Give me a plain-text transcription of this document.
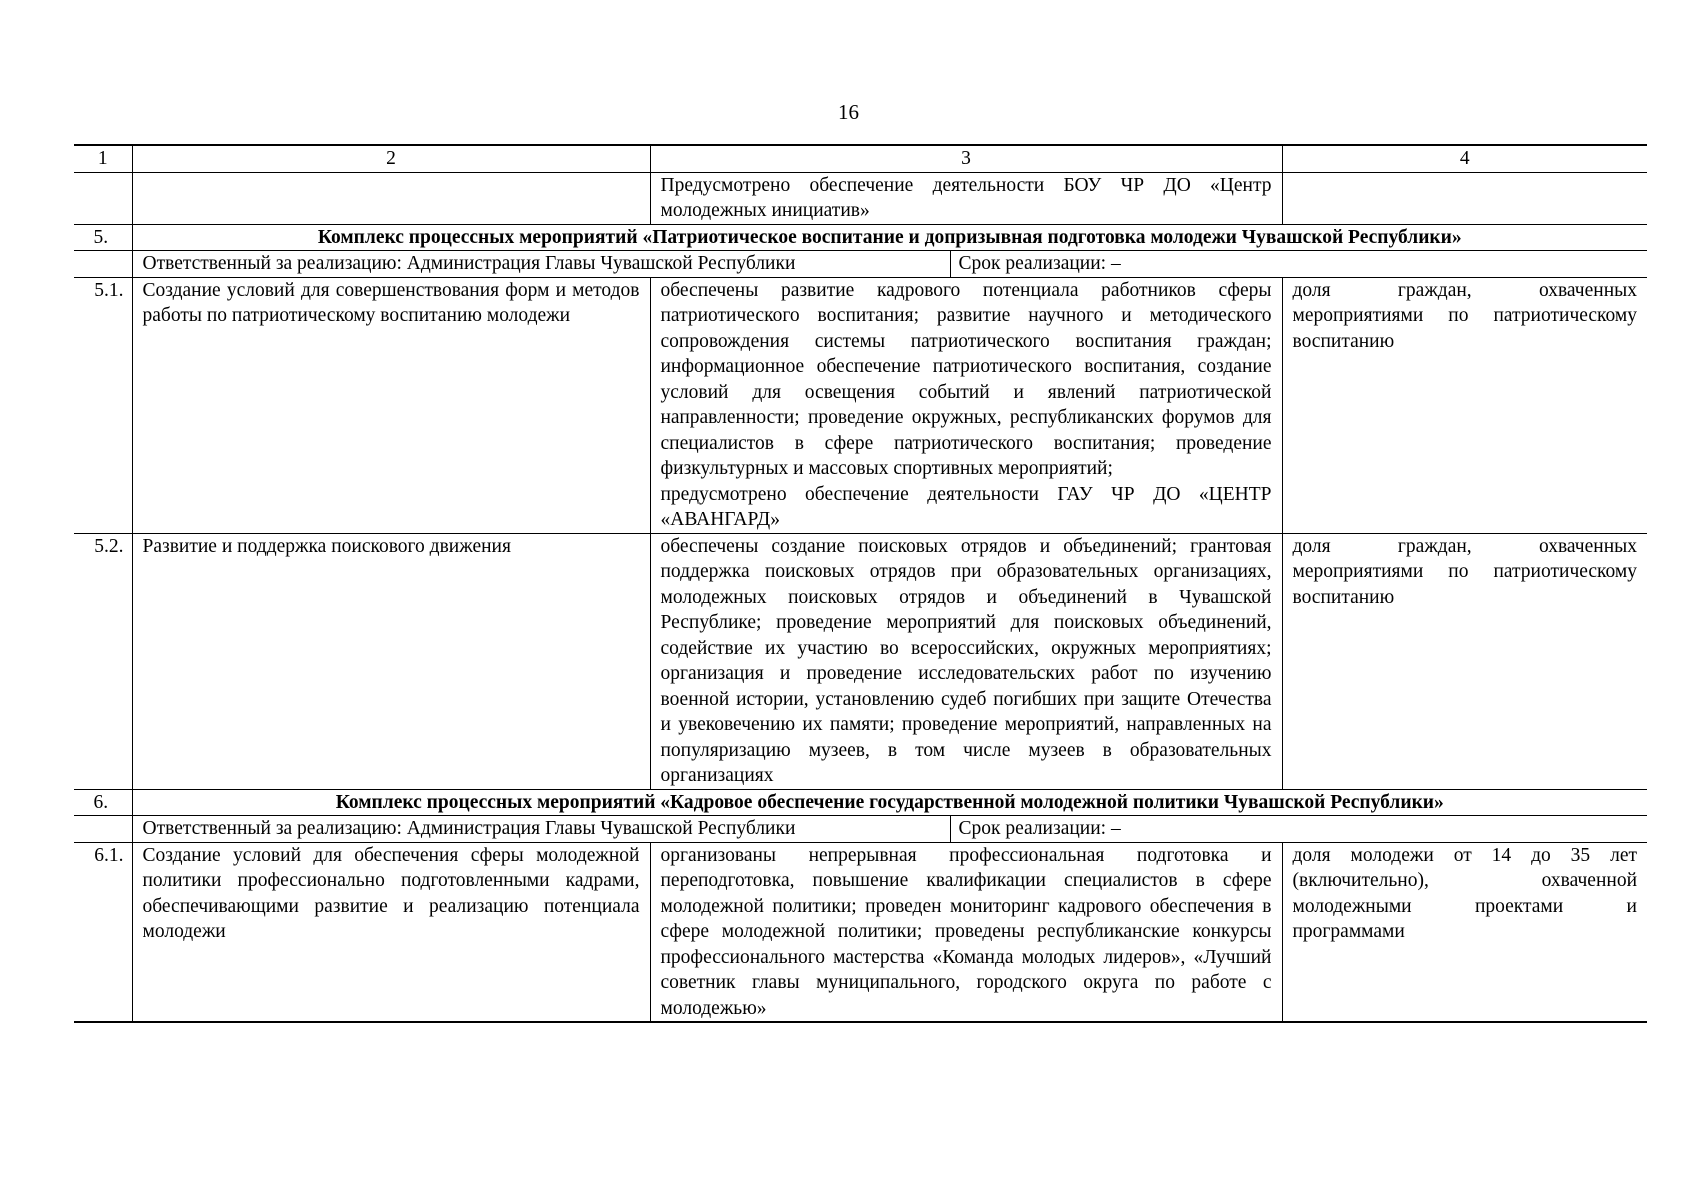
16
1	2	3	4
		Предусмотрено обеспечение деятельности БОУ ЧР ДО «Центр молодежных инициатив»	
5.	Комплекс процессных мероприятий «Патриотическое воспитание и допризывная подготовка молодежи Чувашской Республики»		

	Ответственный за реализацию: Администрация Главы Чувашской Республики Срок реализации: –		

5.1.	Создание условий для совершенствования форм и методов работы по патриотическому воспитанию молодежи	обеспечены развитие кадрового потенциала работников сферы патриотического воспитания; развитие научного и методического сопровождения системы патриотического воспитания граждан; информационное обеспечение патриотического воспитания, создание условий для освещения событий и явлений патриотической направленности; проведение окружных, республиканских форумов для специалистов в сфере патриотического воспитания; проведение физкультурных и массовых спортивных мероприятий;
предусмотрено обеспечение деятельности ГАУ ЧР ДО «ЦЕНТР «АВАНГАРД»	доля граждан, охваченных мероприятиями по патриотическому воспитанию
5.2.	Развитие и поддержка поискового движения	обеспечены создание поисковых отрядов и объединений; грантовая поддержка поисковых отрядов при образовательных организациях, молодежных поисковых отрядов и объединений в Чувашской Республике; проведение мероприятий для поисковых объединений, содействие их участию во всероссийских, окружных мероприятиях; организация и проведение исследовательских работ по изучению военной истории, установлению судеб погибших при защите Отечества и увековечению их памяти; проведение мероприятий, направленных на популяризацию музеев, в том числе музеев в образовательных организациях	доля граждан, охваченных мероприятиями по патриотическому воспитанию
6.	Комплекс процессных мероприятий «Кадровое обеспечение государственной молодежной политики Чувашской Республики»		

	Ответственный за реализацию: Администрация Главы Чувашской Республики Срок реализации: –		

6.1.	Создание условий для обеспечения сферы молодежной политики профессионально подготовленными кадрами, обеспечивающими развитие и реализацию потенциала молодежи	организованы непрерывная профессиональная подготовка и переподготовка, повышение квалификации специалистов в сфере молодежной политики; проведен мониторинг кадрового обеспечения в сфере молодежной политики; проведены республиканские конкурсы профессионального мастерства «Команда молодых лидеров», «Лучший советник главы муниципального, городского округа по работе с молодежью»	доля молодежи от 14 до 35 лет (включительно), охваченной молодежными проектами и программами
